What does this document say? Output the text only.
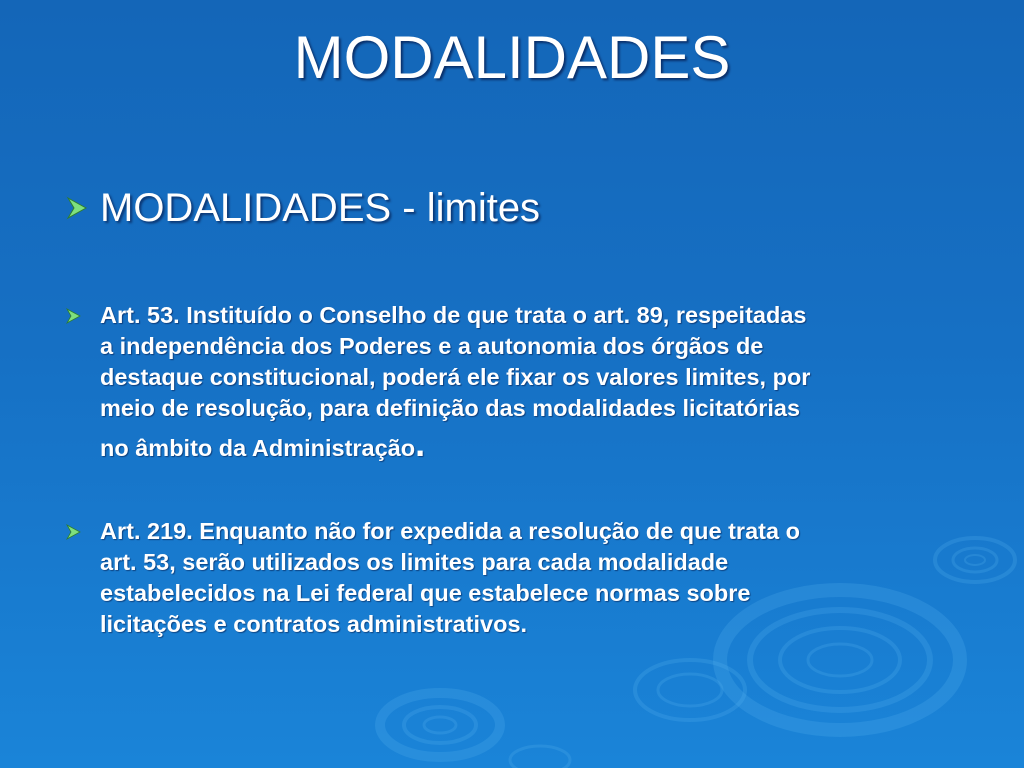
MODALIDADES
MODALIDADES - limites
Art. 53. Instituído o Conselho de que trata o art. 89, respeitadas
a independência dos Poderes e a autonomia dos órgãos de
destaque constitucional, poderá ele fixar os valores limites, por
meio de resolução, para definição das modalidades licitatórias
no âmbito da Administração.
Art. 219. Enquanto não for expedida a resolução de que trata o
art. 53, serão utilizados os limites para cada modalidade
estabelecidos na Lei federal que estabelece normas sobre
licitações e contratos administrativos.
